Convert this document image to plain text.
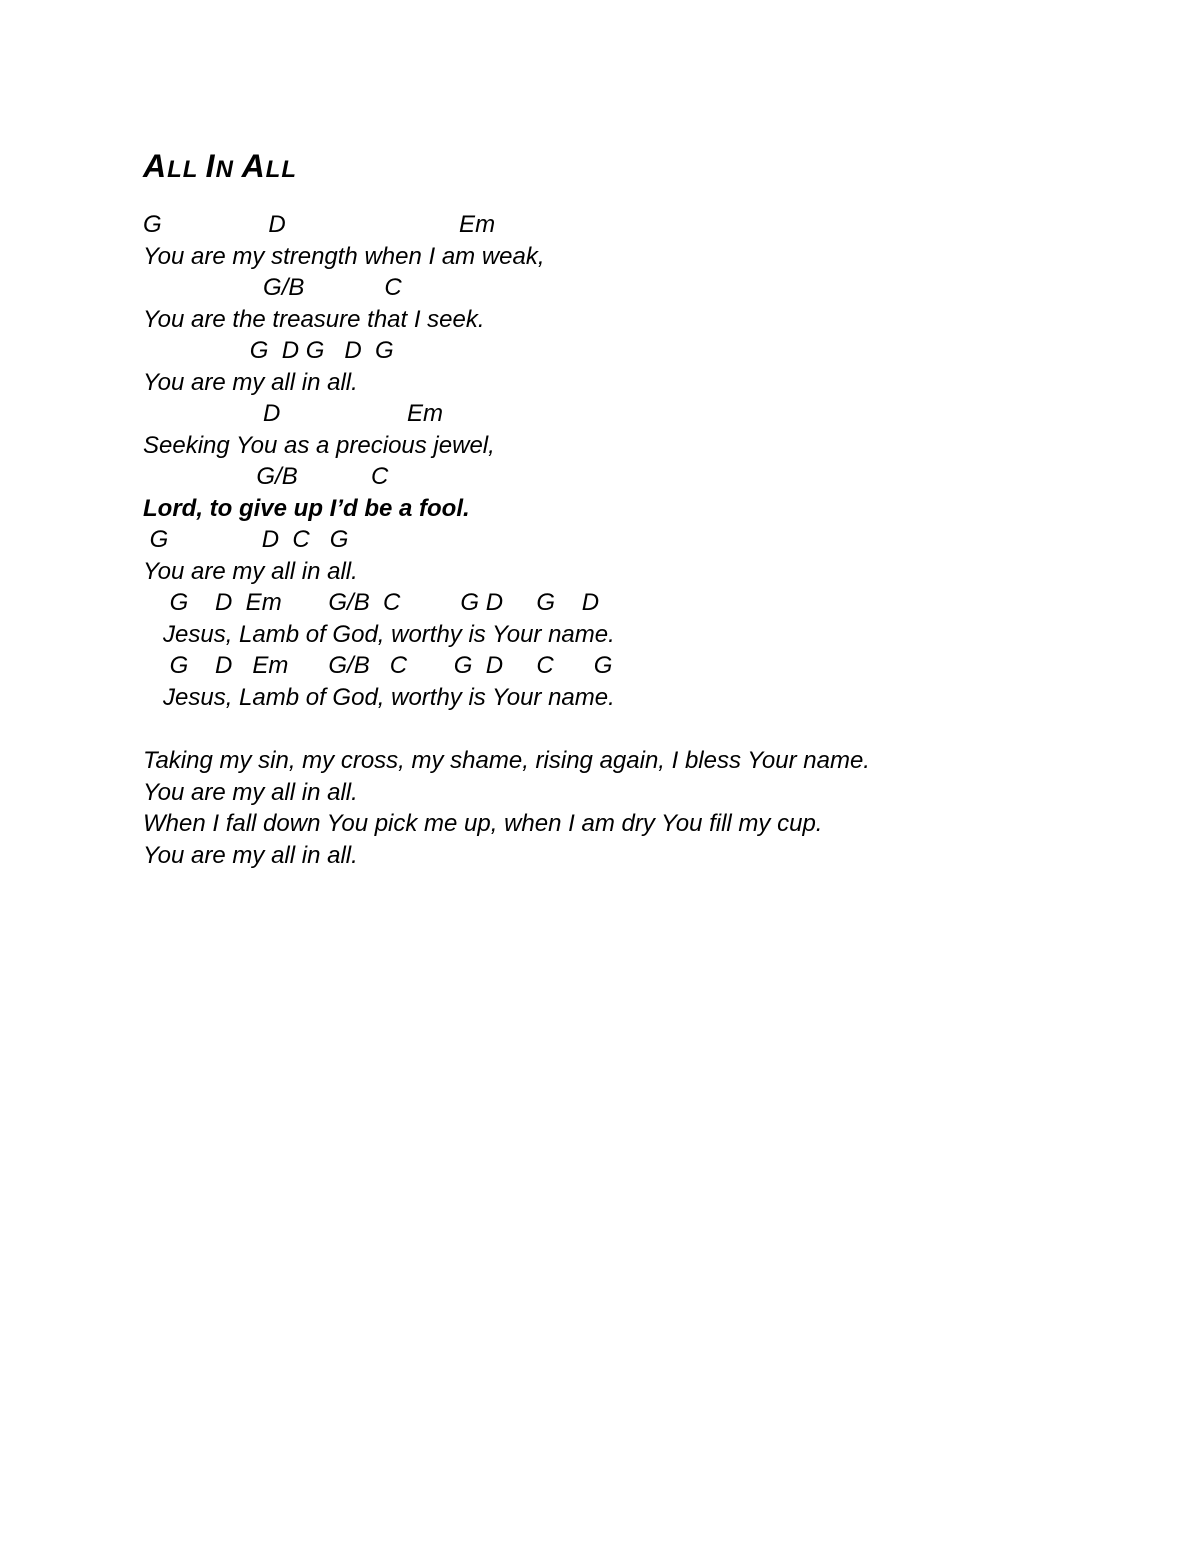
ALL IN ALL

G                D                          Em

You are my strength when I am weak,

G/B            C

You are the treasure that I seek.

G  D G   D  G

You are my all in all.

D                   Em

Seeking You as a precious jewel,

G/B           C

Lord, to give up I’d be a fool.

G              D  C   G

You are my all in all.

G    D  Em       G/B  C         G D     G    D

Jesus, Lamb of God, worthy is Your name.

G    D   Em      G/B   C       G  D     C      G

Jesus, Lamb of God, worthy is Your name.

Taking my sin, my cross, my shame, rising again, I bless Your name.

You are my all in all.

When I fall down You pick me up, when I am dry You fill my cup.

You are my all in all.
